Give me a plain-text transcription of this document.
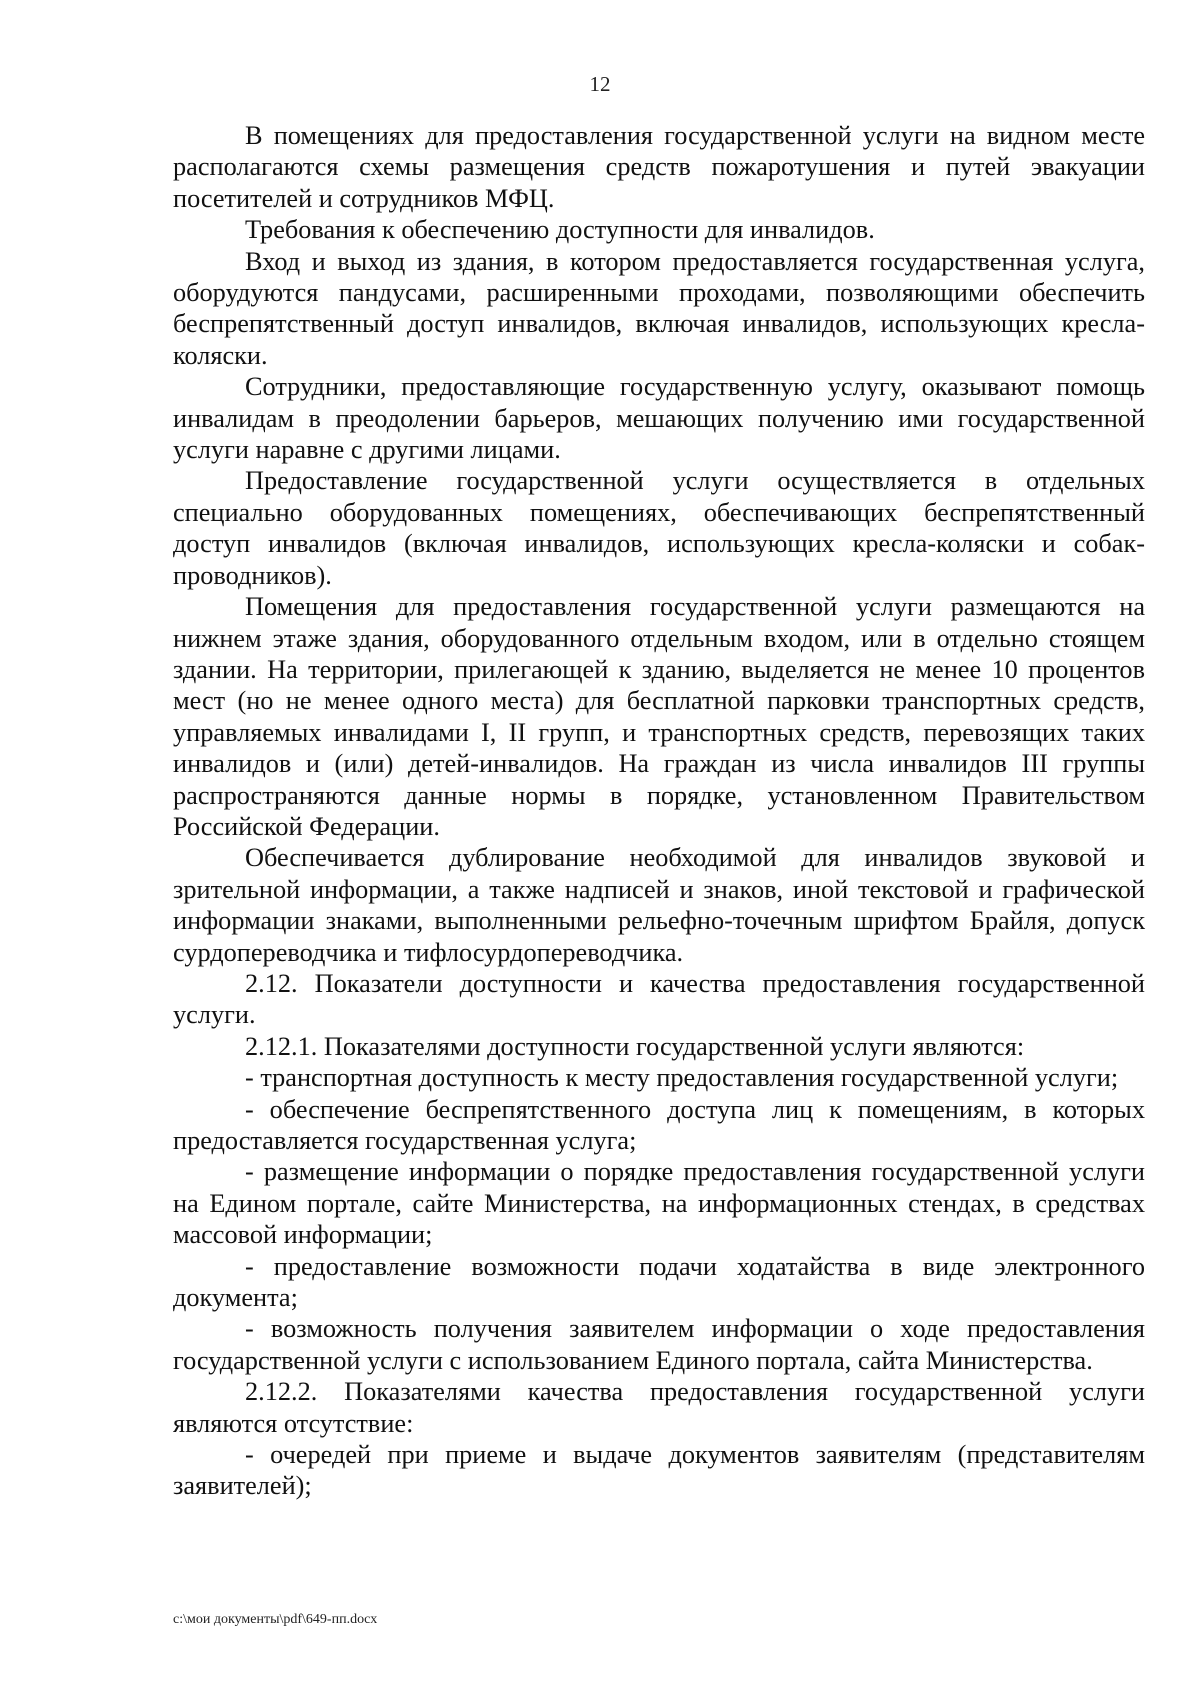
12

В помещениях для предоставления государственной услуги на видном месте располагаются схемы размещения средств пожаротушения и путей эвакуации посетителей и сотрудников МФЦ.

Требования к обеспечению доступности для инвалидов.

Вход и выход из здания, в котором предоставляется государственная услуга, оборудуются пандусами, расширенными проходами, позволяющими обеспечить беспрепятственный доступ инвалидов, включая инвалидов, использующих кресла-коляски.

Сотрудники, предоставляющие государственную услугу, оказывают помощь инвалидам в преодолении барьеров, мешающих получению ими государственной услуги наравне с другими лицами.

Предоставление государственной услуги осуществляется в отдельных специально оборудованных помещениях, обеспечивающих беспрепятственный доступ инвалидов (включая инвалидов, использующих кресла-коляски и собак-проводников).

Помещения для предоставления государственной услуги размещаются на нижнем этаже здания, оборудованного отдельным входом, или в отдельно стоящем здании. На территории, прилегающей к зданию, выделяется не менее 10 процентов мест (но не менее одного места) для бесплатной парковки транспортных средств, управляемых инвалидами I, II групп, и транспортных средств, перевозящих таких инвалидов и (или) детей-инвалидов. На граждан из числа инвалидов III группы распространяются данные нормы в порядке, установленном Правительством Российской Федерации.

Обеспечивается дублирование необходимой для инвалидов звуковой и зрительной информации, а также надписей и знаков, иной текстовой и графической информации знаками, выполненными рельефно-точечным шрифтом Брайля, допуск сурдопереводчика и тифлосурдопереводчика.

2.12. Показатели доступности и качества предоставления государственной услуги.

2.12.1. Показателями доступности государственной услуги являются:

- транспортная доступность к месту предоставления государственной услуги;

- обеспечение беспрепятственного доступа лиц к помещениям, в которых предоставляется государственная услуга;

- размещение информации о порядке предоставления государственной услуги на Едином портале, сайте Министерства, на информационных стендах, в средствах массовой информации;

- предоставление возможности подачи ходатайства в виде электронного документа;

- возможность получения заявителем информации о ходе предоставления государственной услуги с использованием Единого портала, сайта Министерства.

2.12.2. Показателями качества предоставления государственной услуги являются отсутствие:

- очередей при приеме и выдаче документов заявителям (представителям заявителей);

c:\мои документы\pdf\649-пп.docx
